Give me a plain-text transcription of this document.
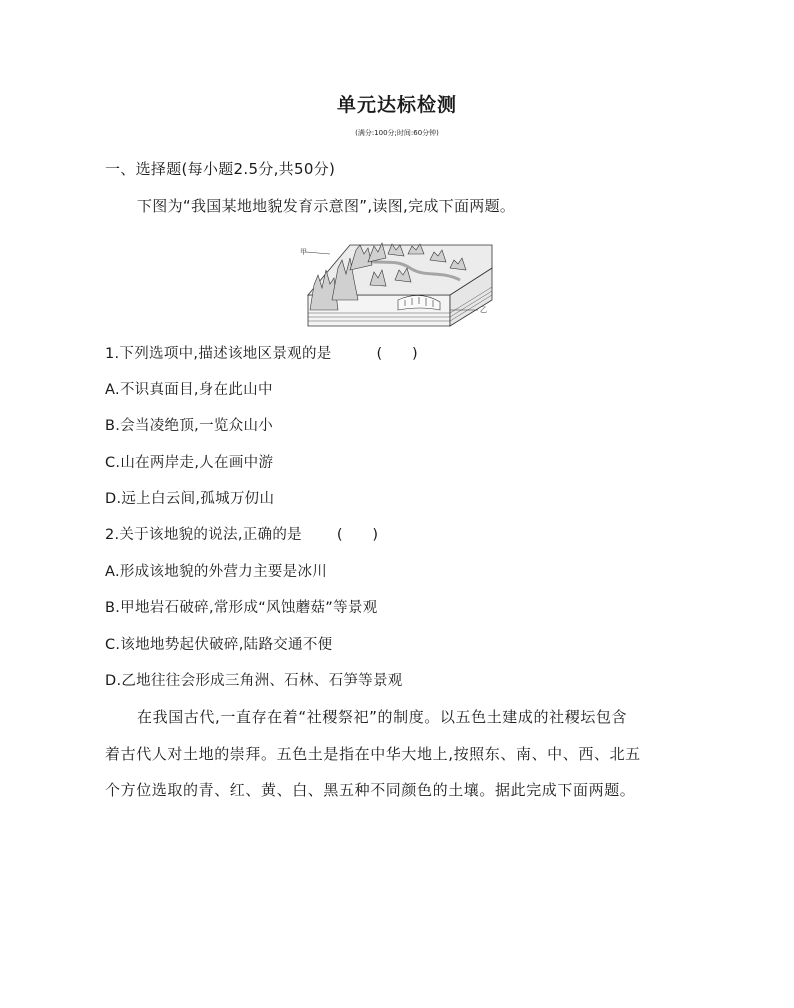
单元达标检测
(满分:100分;时间:60分钟)
一、选择题(每小题2.5分,共50分)
下图为“我国某地地貌发育示意图”,读图,完成下面两题。
甲
乙
1.下列选项中,描述该地区景观的是	(　　)
A.不识真面目,身在此山中
B.会当凌绝顶,一览众山小
C.山在两岸走,人在画中游
D.远上白云间,孤城万仞山
2.关于该地貌的说法,正确的是 (　　)
A.形成该地貌的外营力主要是冰川
B.甲地岩石破碎,常形成“风蚀蘑菇”等景观
C.该地地势起伏破碎,陆路交通不便
D.乙地往往会形成三角洲、石林、石笋等景观
在我国古代,一直存在着“社稷祭祀”的制度。以五色土建成的社稷坛包含
着古代人对土地的崇拜。五色土是指在中华大地上,按照东、南、中、西、北五
个方位选取的青、红、黄、白、黑五种不同颜色的土壤。据此完成下面两题。
